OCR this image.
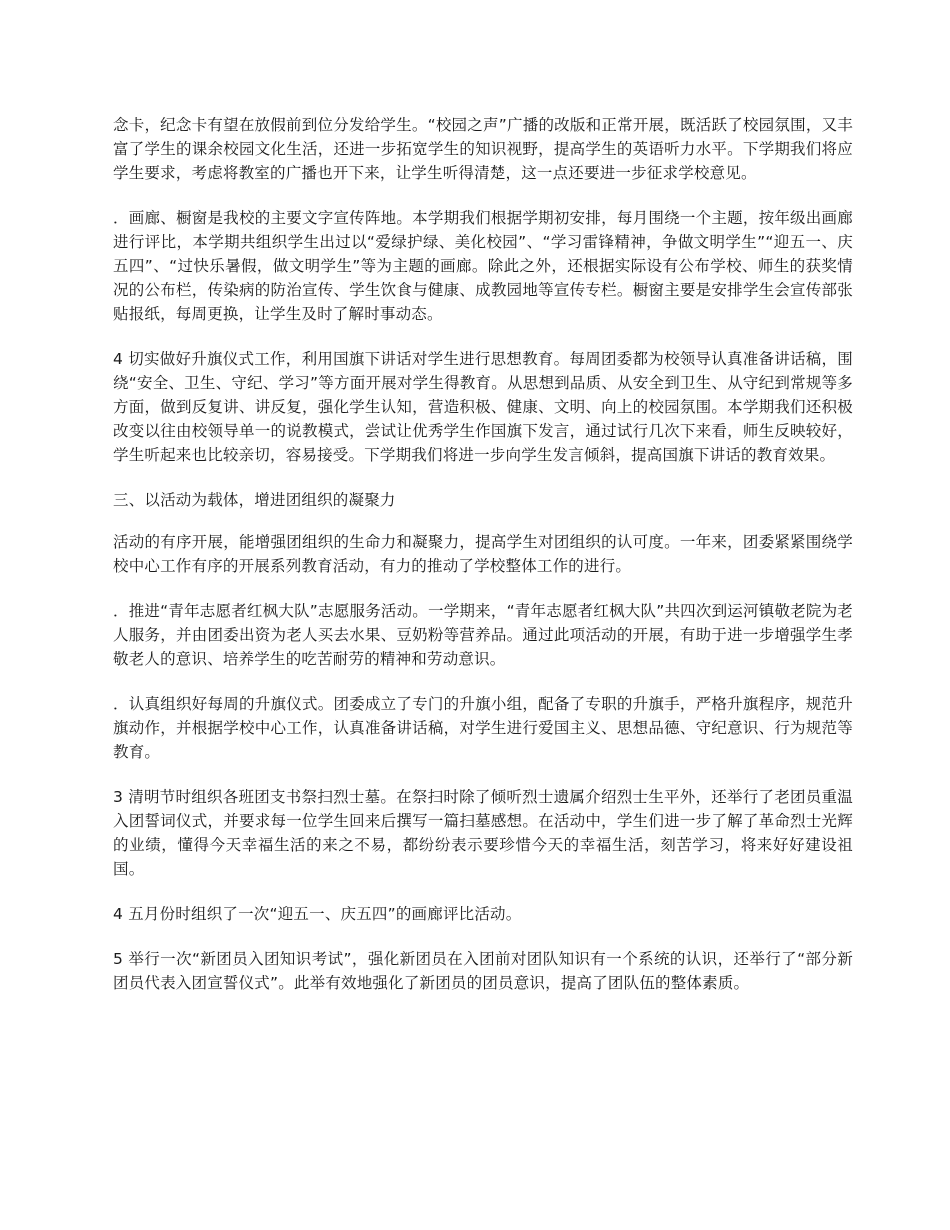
念卡，纪念卡有望在放假前到位分发给学生。“校园之声”广播的改版和正常开展，既活跃了校园氛围，又丰富了学生的课余校园文化生活，还进一步拓宽学生的知识视野，提高学生的英语听力水平。下学期我们将应学生要求，考虑将教室的广播也开下来，让学生听得清楚，这一点还要进一步征求学校意见。

．画廊、橱窗是我校的主要文字宣传阵地。本学期我们根据学期初安排，每月围绕一个主题，按年级出画廊进行评比，本学期共组织学生出过以“爱绿护绿、美化校园”、“学习雷锋精神，争做文明学生”“迎五一、庆五四”、“过快乐暑假，做文明学生”等为主题的画廊。除此之外，还根据实际设有公布学校、师生的获奖情况的公布栏，传染病的防治宣传、学生饮食与健康、成教园地等宣传专栏。橱窗主要是安排学生会宣传部张贴报纸，每周更换，让学生及时了解时事动态。

4 切实做好升旗仪式工作，利用国旗下讲话对学生进行思想教育。每周团委都为校领导认真准备讲话稿，围绕“安全、卫生、守纪、学习”等方面开展对学生得教育。从思想到品质、从安全到卫生、从守纪到常规等多方面，做到反复讲、讲反复，强化学生认知，营造积极、健康、文明、向上的校园氛围。本学期我们还积极改变以往由校领导单一的说教模式，尝试让优秀学生作国旗下发言，通过试行几次下来看，师生反映较好，学生听起来也比较亲切，容易接受。下学期我们将进一步向学生发言倾斜，提高国旗下讲话的教育效果。

三、以活动为载体，增进团组织的凝聚力

活动的有序开展，能增强团组织的生命力和凝聚力，提高学生对团组织的认可度。一年来，团委紧紧围绕学校中心工作有序的开展系列教育活动，有力的推动了学校整体工作的进行。

．推进“青年志愿者红枫大队”志愿服务活动。一学期来，“青年志愿者红枫大队”共四次到运河镇敬老院为老人服务，并由团委出资为老人买去水果、豆奶粉等营养品。通过此项活动的开展，有助于进一步增强学生孝敬老人的意识、培养学生的吃苦耐劳的精神和劳动意识。

．认真组织好每周的升旗仪式。团委成立了专门的升旗小组，配备了专职的升旗手，严格升旗程序，规范升旗动作，并根据学校中心工作，认真准备讲话稿，对学生进行爱国主义、思想品德、守纪意识、行为规范等教育。

3 清明节时组织各班团支书祭扫烈士墓。在祭扫时除了倾听烈士遗属介绍烈士生平外，还举行了老团员重温入团誓词仪式，并要求每一位学生回来后撰写一篇扫墓感想。在活动中，学生们进一步了解了革命烈士光辉的业绩，懂得今天幸福生活的来之不易，都纷纷表示要珍惜今天的幸福生活，刻苦学习，将来好好建设祖国。

4 五月份时组织了一次“迎五一、庆五四”的画廊评比活动。

5 举行一次“新团员入团知识考试”，强化新团员在入团前对团队知识有一个系统的认识，还举行了“部分新团员代表入团宣誓仪式”。此举有效地强化了新团员的团员意识，提高了团队伍的整体素质。
